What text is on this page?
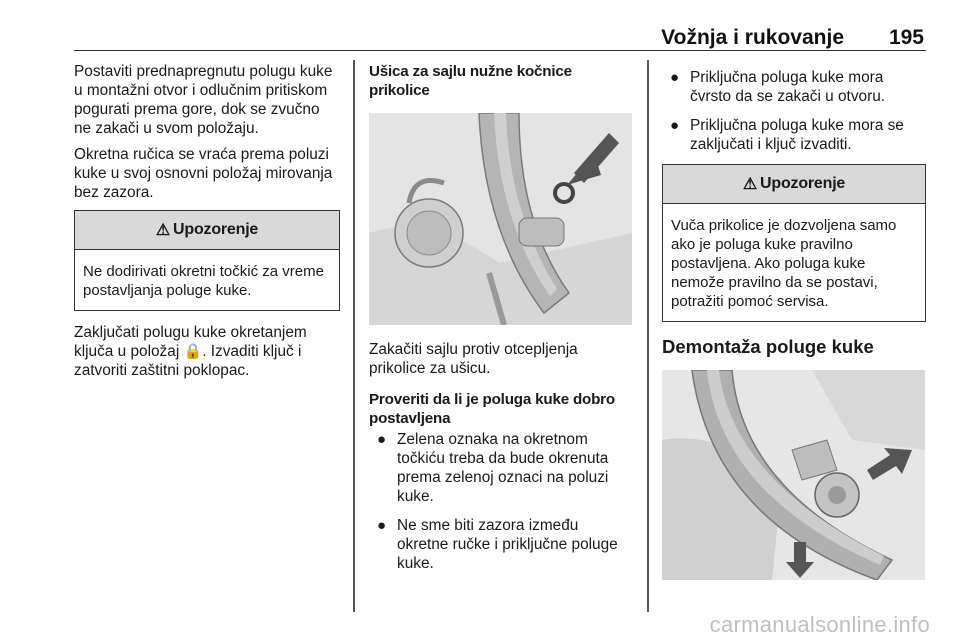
Vožnja i rukovanje 195

Postaviti prednapregnutu polugu kuke u montažni otvor i odlučnim pritiskom pogurati prema gore, dok se zvučno ne zakači u svom položaju.

Okretna ručica se vraća prema poluzi kuke u svoj osnovni položaj mirovanja bez zazora.

⚠ Upozorenje
Ne dodirivati okretni točkić za vreme postavljanja poluge kuke.

Zaključati polugu kuke okretanjem ključa u položaj 🔒. Izvaditi ključ i zatvoriti zaštitni poklopac.

Ušica za sajlu nužne kočnice prikolice

Zakačiti sajlu protiv otcepljenja prikolice za ušicu.

Proveriti da li je poluga kuke dobro postavljena

● Zelena oznaka na okretnom točkiću treba da bude okrenuta prema zelenoj oznaci na poluzi kuke.
● Ne sme biti zazora između okretne ručke i priključne poluge kuke.
● Priključna poluga kuke mora čvrsto da se zakači u otvoru.
● Priključna poluga kuke mora se zaključati i ključ izvaditi.
⚠ Upozorenje
Vuča prikolice je dozvoljena samo ako je poluga kuke pravilno postavljena. Ako poluga kuke nemože pravilno da se postavi, potražiti pomoć servisa.
Demontaža poluge kuke
carmanualsonline.info
